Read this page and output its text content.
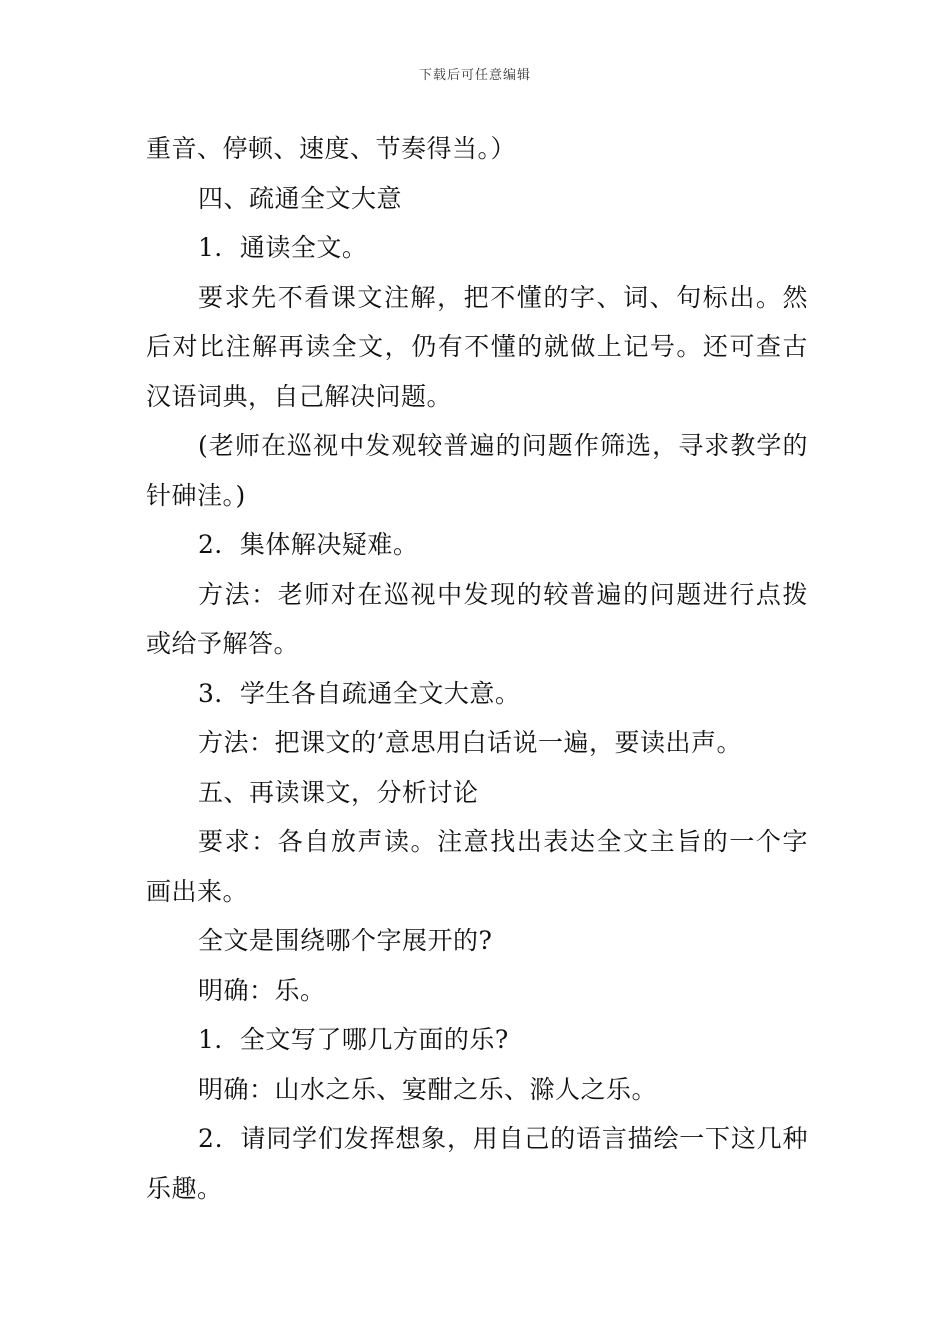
下载后可任意编辑

重音、停顿、速度、节奏得当。）

四、疏通全文大意

1．通读全文。

要求先不看课文注解，把不懂的字、词、句标出。然后对比注解再读全文，仍有不懂的就做上记号。还可查古汉语词典，自己解决问题。

(老师在巡视中发观较普遍的问题作筛选，寻求教学的针砷洼。)

2．集体解决疑难。

方法：老师对在巡视中发现的较普遍的问题进行点拨或给予解答。

3．学生各自疏通全文大意。

方法：把课文的’意思用白话说一遍，要读出声。

五、再读课文，分析讨论

要求：各自放声读。注意找出表达全文主旨的一个字画出来。

全文是围绕哪个字展开的?

明确：乐。

1．全文写了哪几方面的乐?

明确：山水之乐、宴酣之乐、滁人之乐。

2．请同学们发挥想象，用自己的语言描绘一下这几种乐趣。
